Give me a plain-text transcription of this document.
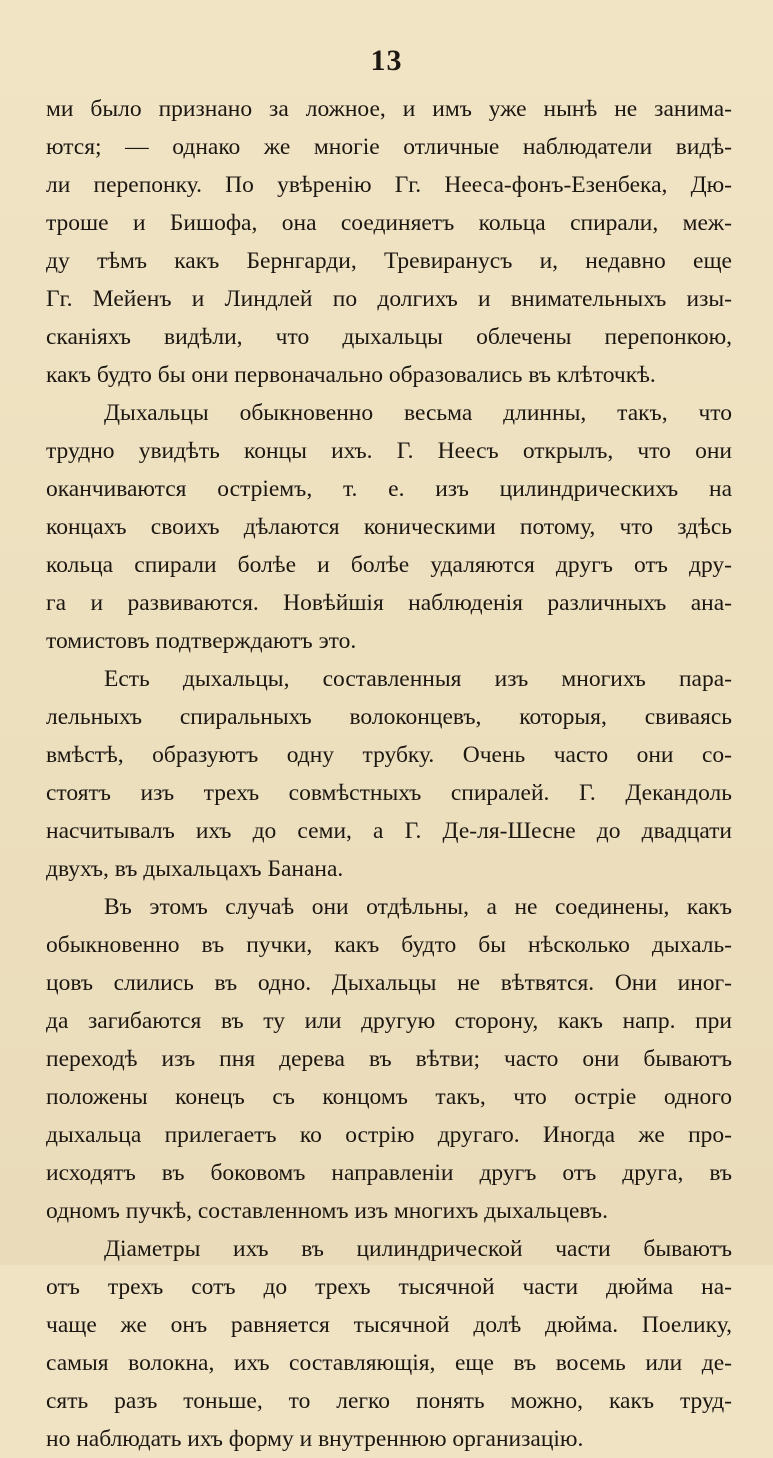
13
ми было признано за ложное, и имъ уже нынѣ не занима-
ются; — однако же многіе отличные наблюдатели видѣ-
ли перепонку. По увѣренію Гг. Нееса-фонъ-Езенбека, Дю-
троше и Бишофа, она соединяетъ кольца спирали, меж-
ду тѣмъ какъ Бернгарди, Тревиранусъ и, недавно еще
Гг. Мейенъ и Линдлей по долгихъ и внимательныхъ изы-
сканіяхъ видѣли, что дыхальцы облечены перепонкою,
какъ будто бы они первоначально образовались въ клѣточкѣ.
Дыхальцы обыкновенно весьма длинны, такъ, что
трудно увидѣть концы ихъ. Г. Неесъ открылъ, что они
оканчиваются остріемъ, т. е. изъ цилиндрическихъ на
концахъ своихъ дѣлаются коническими потому, что здѣсь
кольца спирали болѣе и болѣе удаляются другъ отъ дру-
га и развиваются. Новѣйшія наблюденія различныхъ ана-
томистовъ подтверждаютъ это.
Есть дыхальцы, составленныя изъ многихъ пара-
лельныхъ спиральныхъ волоконцевъ, которыя, свиваясь
вмѣстѣ, образуютъ одну трубку. Очень часто они со-
стоятъ изъ трехъ совмѣстныхъ спиралей. Г. Декандоль
насчитывалъ ихъ до семи, а Г. Де-ля-Шесне до двадцати
двухъ, въ дыхальцахъ Банана.
Въ этомъ случаѣ они отдѣльны, а не соединены, какъ
обыкновенно въ пучки, какъ будто бы нѣсколько дыхаль-
цовъ слились въ одно. Дыхальцы не вѣтвятся. Они иног-
да загибаются въ ту или другую сторону, какъ напр. при
переходѣ изъ пня дерева въ вѣтви; часто они бываютъ
положены конецъ съ концомъ такъ, что остріе одного
дыхальца прилегаетъ ко острію другаго. Иногда же про-
исходятъ въ боковомъ направленіи другъ отъ друга, въ
одномъ пучкѣ, составленномъ изъ многихъ дыхальцевъ.
Діаметры ихъ въ цилиндрической части бываютъ
отъ трехъ сотъ до трехъ тысячной части дюйма на-
чаще же онъ равняется тысячной долѣ дюйма. Поелику,
самыя волокна, ихъ составляющія, еще въ восемь или де-
сять разъ тоньше, то легко понять можно, какъ труд-
но наблюдать ихъ форму и внутреннюю организацію.
